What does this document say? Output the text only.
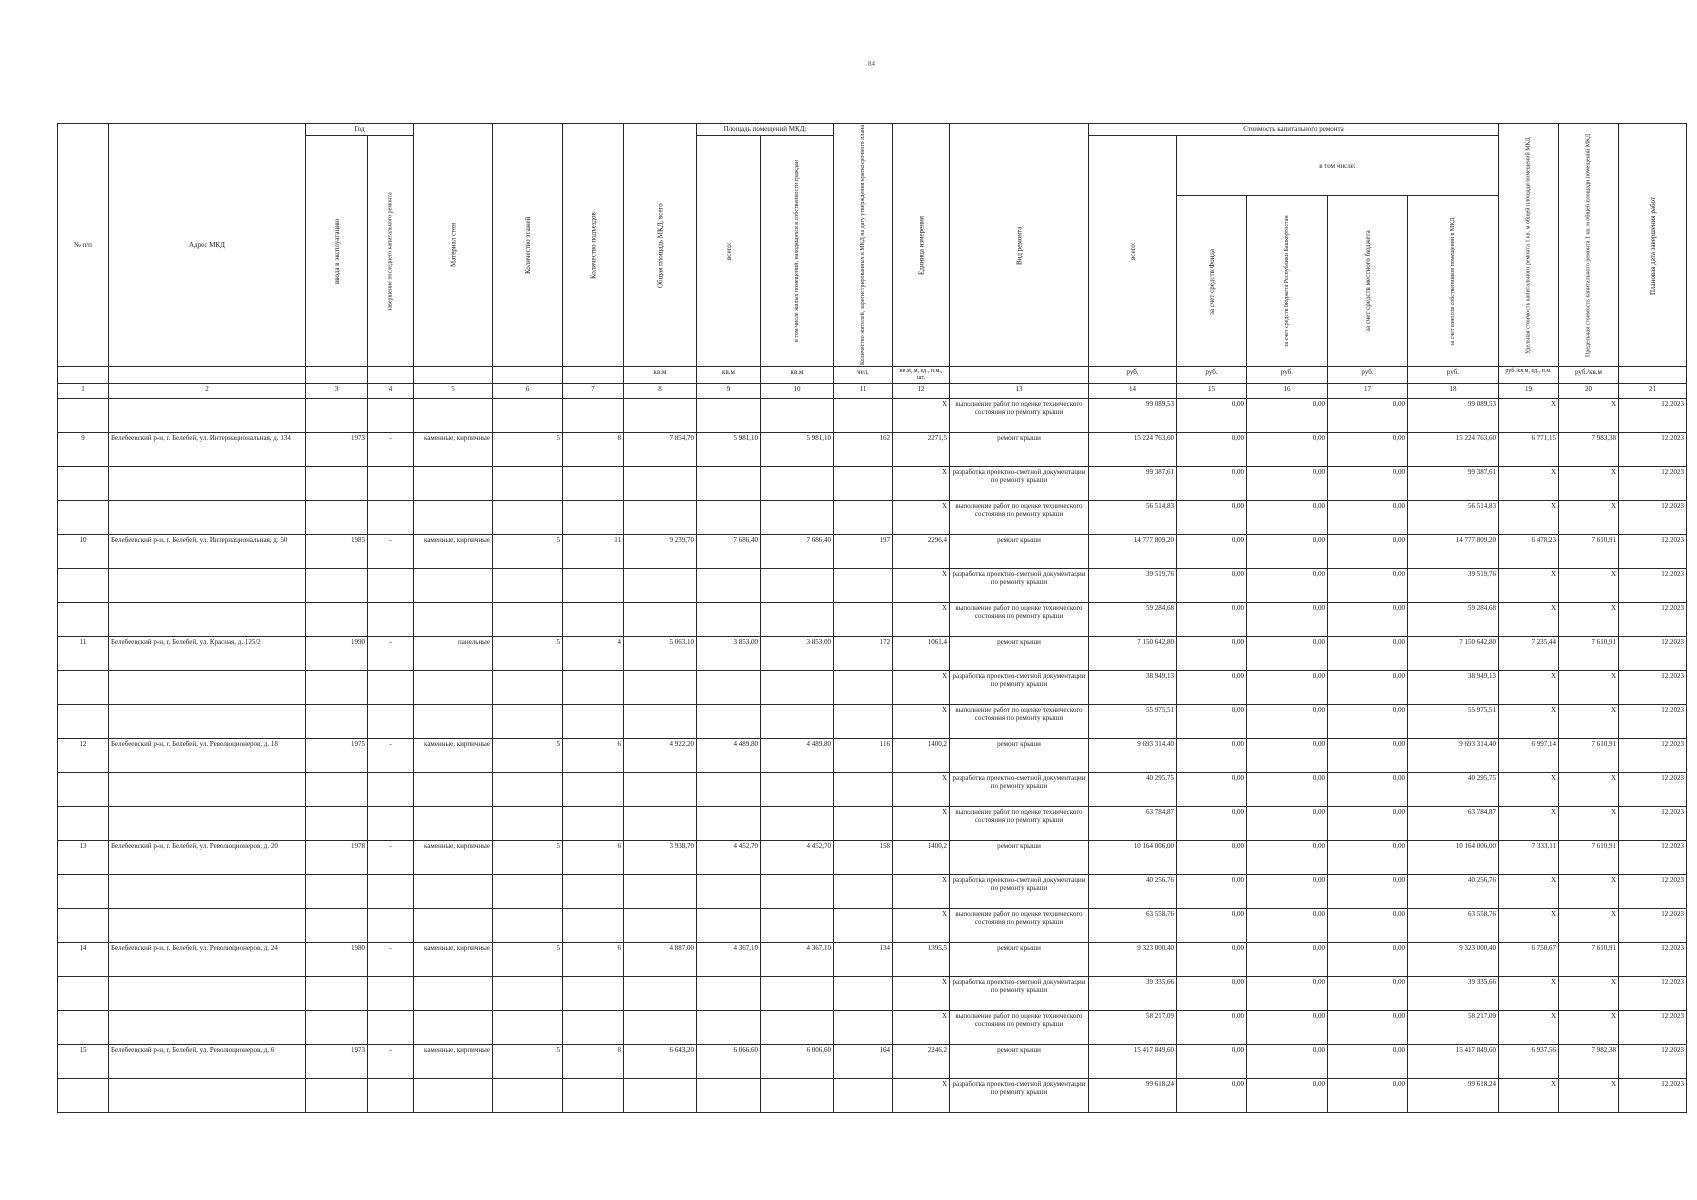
84
№ п/п	Адрес МКД	Год		Материал стен	Количество этажей	Количество подъездов	Общая площадь МКД, всего	Площадь помещений МКД:		Количество жителей, зарегистрированных в МКД на дату утверждения краткосрочного плана	Единица измерения	Вид ремонта	Стоимость капитального ремонта					Удельная стоимость капитального ремонта 1 кв. м общей площади помещений МКД	Предельная стоимость капитального ремонта 1 кв. м общей площади помещений МКД	Плановая дата завершения работ
		ввода в эксплуатацию	завершение последнего капитального ремонта					всего:	в том числе жилых помещений, находящихся в собственности граждан				всего:	в том числе:						
														за счет средств Фонда	за счет средств бюджета Республики Башкортостан	за счет средств местного бюджета	за счет взносов собственников помещений в МКД			
							кв.м	кв.м	кв.м	чел.	кв.м, м, ед., п.м., шт.		руб.	руб.	руб.	руб.	руб.	руб./кв.м, ед., п.м.	руб./кв.м	
1	2	3	4	5	6	7	8	9	10	11	12	13	14	15	16	17	18	19	20	21
											X	выполнение работ по оценке технического состояния по ремонту крыши	99 089,53	0,00	0,00	0,00	99 089,53	X	X	12.2023
9	Белебеевский р-н, г. Белебей, ул. Интернациональная, д. 134	1973	-	каменные, кирпичные	5	8	7 854,70	5 981,10	5 981,10	162	2271,5	ремонт крыши	15 224 763,60	0,00	0,00	0,00	15 224 763,60	6 771,15	7 983,38	12.2023
											X	разработка проектно-сметной документации по ремонту крыши	99 387,61	0,00	0,00	0,00	99 387,61	X	X	12.2023
											X	выполнение работ по оценке технического состояния по ремонту крыши	56 514,83	0,00	0,00	0,00	56 514,83	X	X	12.2023
10	Белебеевский р-н, г. Белебей, ул. Интернациональная, д. 50	1985	-	каменные, кирпичные	5	11	9 239,70	7 686,40	7 686,40	197	2296,4	ремонт крыши	14 777 809,20	0,00	0,00	0,00	14 777 809,20	6 478,23	7 610,91	12.2023
											X	разработка проектно-сметной документации по ремонту крыши	39 519,76	0,00	0,00	0,00	39 519,76	X	X	12.2023
											X	выполнение работ по оценке технического состояния по ремонту крыши	59 284,68	0,00	0,00	0,00	59 284,68	X	X	12.2023
11	Белебеевский р-н, г. Белебей, ул. Красная, д. 125/2	1990	-	панельные	5	4	5 063,10	3 853,00	3 853,00	172	1061,4	ремонт крыши	7 150 642,80	0,00	0,00	0,00	7 150 642,80	7 235,44	7 610,91	12.2023
											X	разработка проектно-сметной документации по ремонту крыши	38 949,13	0,00	0,00	0,00	38 949,13	X	X	12.2023
											X	выполнение работ по оценке технического состояния по ремонту крыши	55 975,51	0,00	0,00	0,00	55 975,51	X	X	12.2023
12	Белебеевский р-н, г. Белебей, ул. Революционеров, д. 18	1975	-	каменные, кирпичные	5	6	4 922,20	4 489,80	4 489,80	116	1400,2	ремонт крыши	9 693 314,40	0,00	0,00	0,00	9 693 314,40	6 997,14	7 610,91	12.2023
											X	разработка проектно-сметной документации по ремонту крыши	40 295,75	0,00	0,00	0,00	40 295,75	X	X	12.2023
											X	выполнение работ по оценке технического состояния по ремонту крыши	63 784,87	0,00	0,00	0,00	63 784,87	X	X	12.2023
13	Белебеевский р-н, г. Белебей, ул. Революционеров, д. 20	1978	-	каменные, кирпичные	5	6	3 938,70	4 452,70	4 452,70	158	1400,2	ремонт крыши	10 164 006,00	0,00	0,00	0,00	10 164 006,00	7 333,11	7 610,91	12.2023
											X	разработка проектно-сметной документации по ремонту крыши	40 256,76	0,00	0,00	0,00	40 256,76	X	X	12.2023
											X	выполнение работ по оценке технического состояния по ремонту крыши	63 558,76	0,00	0,00	0,00	63 558,76	X	X	12.2023
14	Белебеевский р-н, г. Белебей, ул. Революционеров, д. 24	1980	-	каменные, кирпичные	5	6	4 887,00	4 367,10	4 367,10	134	1395,5	ремонт крыши	9 323 000,40	0,00	0,00	0,00	9 323 000,40	6 750,67	7 610,91	12.2023
											X	разработка проектно-сметной документации по ремонту крыши	39 335,66	0,00	0,00	0,00	39 335,66	X	X	12.2023
											X	выполнение работ по оценке технического состояния по ремонту крыши	58 217,09	0,00	0,00	0,00	58 217,09	X	X	12.2023
15	Белебеевский р-н, г. Белебей, ул. Революционеров, д. 6	1973	-	каменные, кирпичные	5	8	6 643,20	6 066,60	6 006,60	164	2246,2	ремонт крыши	15 417 849,60	0,00	0,00	0,00	15 417 849,60	6 937,56	7 982,38	12.2023
											X	разработка проектно-сметной документации по ремонту крыши	99 618,24	0,00	0,00	0,00	99 618,24	X	X	12.2023
